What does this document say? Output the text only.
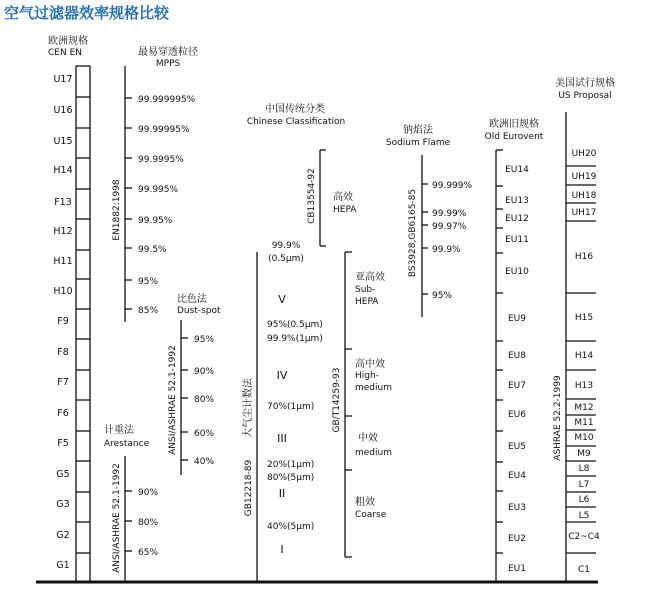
空气过滤器效率规格比较
欧洲规格
CEN EN
U17
U16
U15
H14
F13
H12
H11
H10
F9
F8
F7
F6
F5
G5
G3
G2
G1
最易穿透粒径
MPPS
99.999995%
99.99995%
99.9995%
99.995%
99.95%
99.5%
95%
85%
EN1882:1998
比色法
Dust-spot
95%
90%
80%
60%
40%
ANSI/ASHRAE 52.1-1992
计重法
Arestance
90%
80%
65%
ANSI/ASHRAE 52.1-1992
中国传统分类
Chinese Classification
大气尘计数法
GB12218-89
99.9%
(0.5μm)
95%(0.5μm)
99.9%(1μm)
70%(1μm)
20%(1μm)
80%(5μm)
40%(5μm)
V
IV
III
II
I
CB13554-92
GB/T14259-93
高效
HEPA
亚高效
Sub-
HEPA
高中效
High-
medium
中效
medium
粗效
Coarse
钠焰法
Sodium Flame
99.999%
99.99%
99.97%
99.9%
95%
BS3928,GB6165-85
欧洲旧规格
Old Eurovent
EU14
EU13
EU12
EU11
EU10
EU9
EU8
EU7
EU6
EU5
EU4
EU3
EU2
EU1
美国试行规格
US Proposal
UH20
UH19
UH18
UH17
H16
H15
H14
H13
M12
M11
M10
M9
L8
L7
L6
L5
C2~C4
C1
ASHRAE 52.2-1999
